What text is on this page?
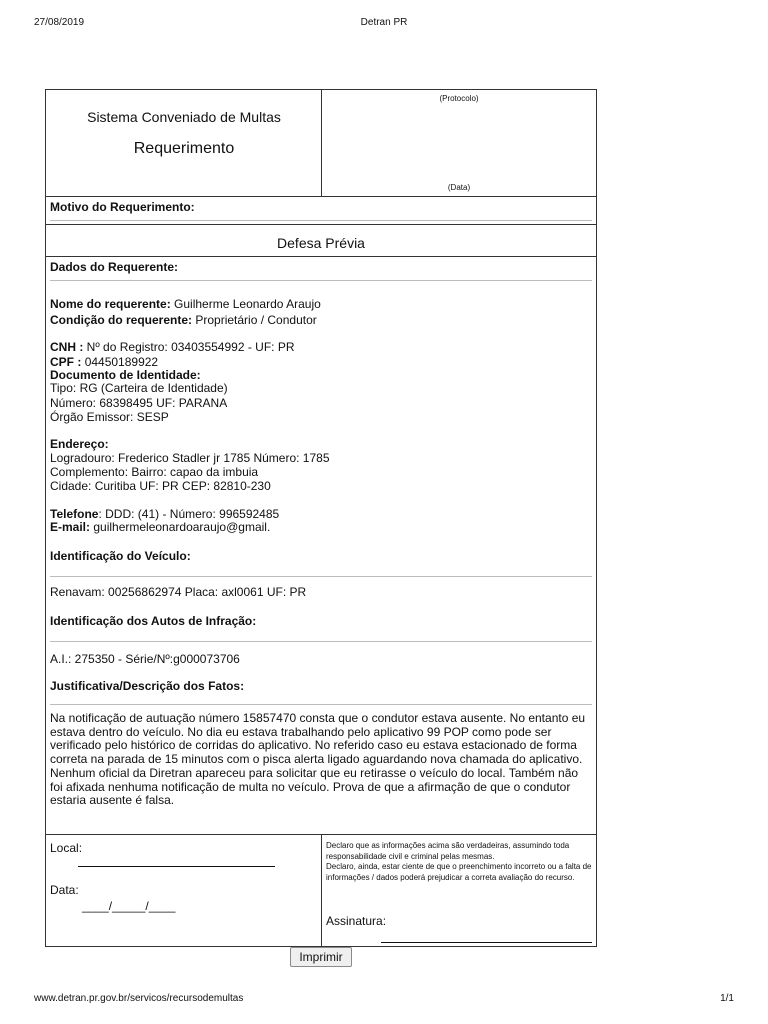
27/08/2019	Detran PR
Sistema Conveniado de Multas
Requerimento
(Protocolo)
(Data)
Motivo do Requerimento:
Defesa Prévia
Dados do Requerente:
Nome do requerente: Guilherme Leonardo Araujo
Condição do requerente: Proprietário / Condutor
CNH : Nº do Registro: 03403554992 - UF: PR
CPF : 04450189922
Documento de Identidade:
Tipo: RG (Carteira de Identidade)
Número: 68398495 UF: PARANA
Órgão Emissor: SESP
Endereço:
Logradouro: Frederico Stadler jr 1785 Número: 1785
Complemento: Bairro: capao da imbuia
Cidade: Curitiba UF: PR CEP: 82810-230
Telefone: DDD: (41) - Número: 996592485
E-mail: guilhermeleonardoaraujo@gmail.
Identificação do Veículo:
Renavam: 00256862974 Placa: axl0061 UF: PR
Identificação dos Autos de Infração:
A.I.: 275350 - Série/Nº:g000073706
Justificativa/Descrição dos Fatos:
Na notificação de autuação número 15857470 consta que o condutor estava ausente. No entanto eu estava dentro do veículo. No dia eu estava trabalhando pelo aplicativo 99 POP como pode ser verificado pelo histórico de corridas do aplicativo. No referido caso eu estava estacionado de forma correta na parada de 15 minutos com o pisca alerta ligado aguardando nova chamada do aplicativo. Nenhum oficial da Diretran apareceu para solicitar que eu retirasse o veículo do local. Também não foi afixada nenhuma notificação de multa no veículo. Prova de que a afirmação de que o condutor estaria ausente é falsa.
Local:
Data:
____/_____/____
Declaro que as informações acima são verdadeiras, assumindo toda responsabilidade civil e criminal pelas mesmas.
Declaro, ainda, estar ciente de que o preenchimento incorreto ou a falta de informações / dados poderá prejudicar a correta avaliação do recurso.
Assinatura:
Imprimir
www.detran.pr.gov.br/servicos/recursodemultas	1/1
